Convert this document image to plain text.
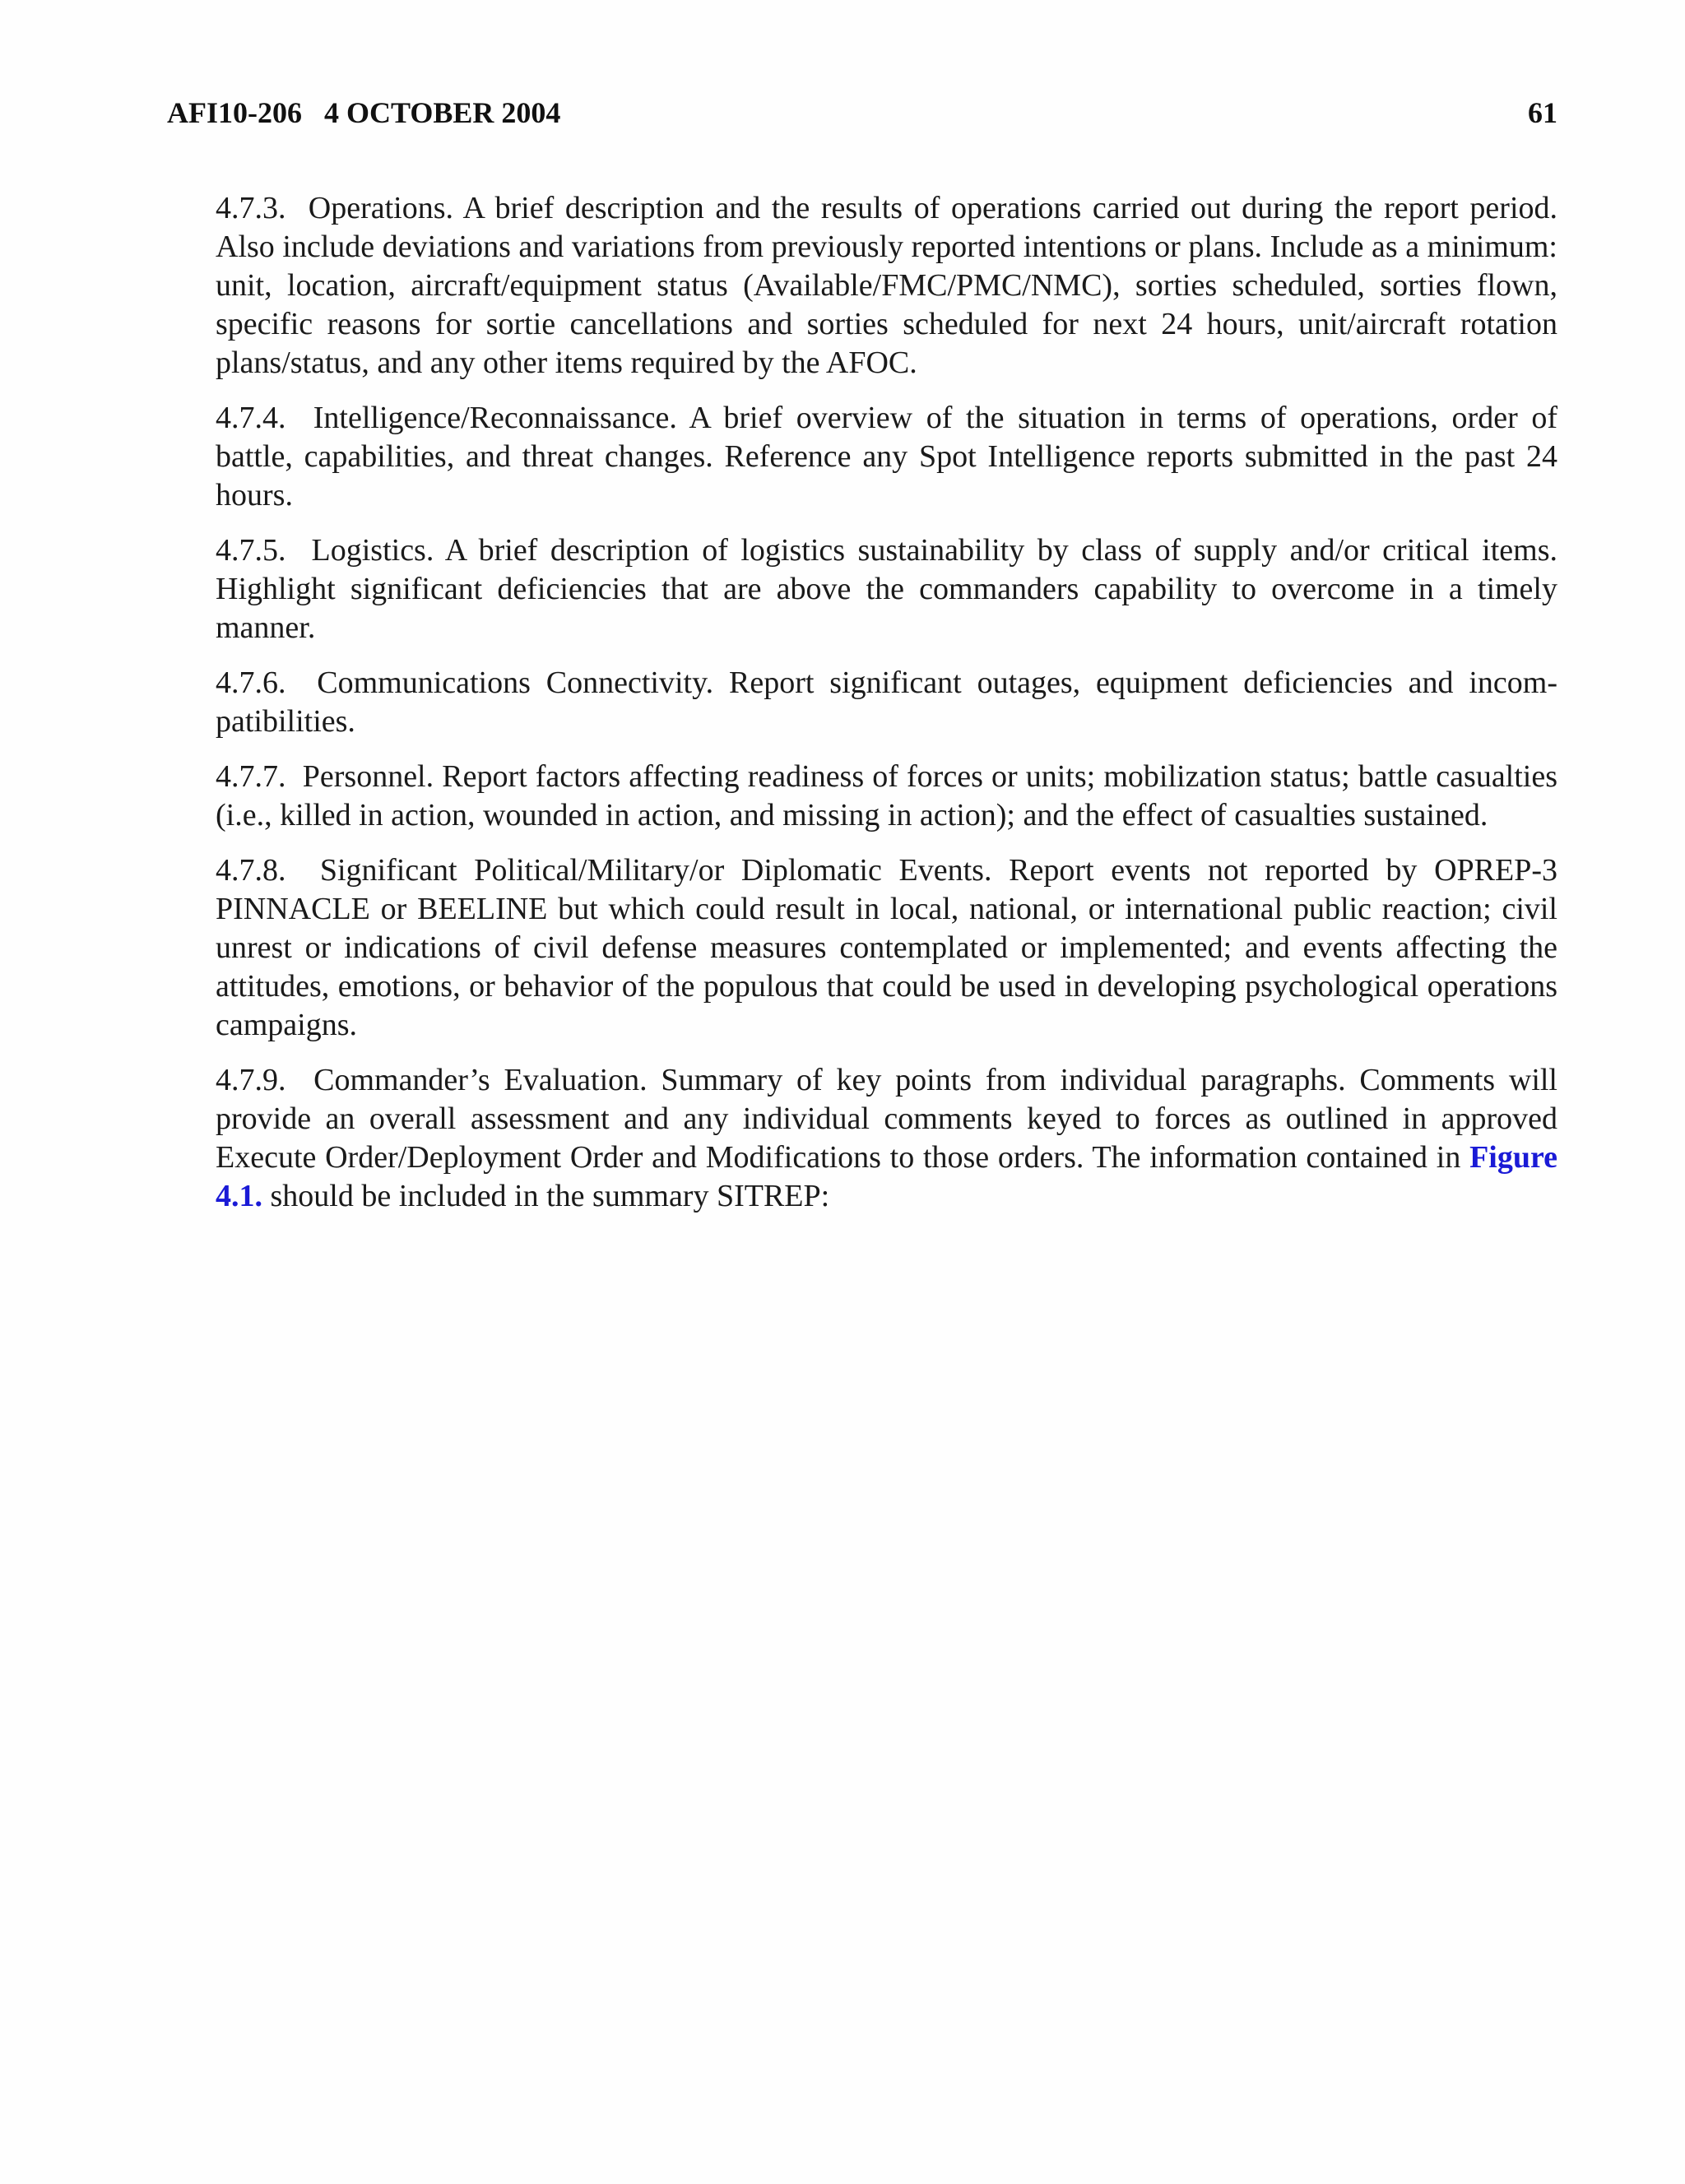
AFI10-206   4 OCTOBER 2004	61

4.7.3. Operations. A brief description and the results of operations carried out during the report period. Also include deviations and variations from previously reported intentions or plans. Include as a minimum: unit, location, aircraft/equipment status (Available/FMC/PMC/NMC), sorties scheduled, sorties flown, specific reasons for sortie cancellations and sorties scheduled for next 24 hours, unit/​aircraft rotation plans/status, and any other items required by the AFOC.

4.7.4. Intelligence/Reconnaissance. A brief overview of the situation in terms of operations, order of battle, capabilities, and threat changes. Reference any Spot Intelligence reports submitted in the past 24 hours.

4.7.5. Logistics. A brief description of logistics sustainability by class of supply and/or critical items. Highlight significant deficiencies that are above the commanders capability to overcome in a timely manner.

4.7.6. Communications Connectivity. Report significant outages, equipment deficiencies and incompatibilities.

4.7.7. Personnel. Report factors affecting readiness of forces or units; mobilization status; battle casualties (i.e., killed in action, wounded in action, and missing in action); and the effect of casualties sustained.

4.7.8. Significant Political/Military/or Diplomatic Events. Report events not reported by OPREP-3 PINNACLE or BEELINE but which could result in local, national, or international public reaction; civil unrest or indications of civil defense measures contemplated or implemented; and events affecting the attitudes, emotions, or behavior of the populous that could be used in developing psychological operations campaigns.

4.7.9. Commander’s Evaluation. Summary of key points from individual paragraphs. Comments will provide an overall assessment and any individual comments keyed to forces as outlined in approved Execute Order/Deployment Order and Modifications to those orders. The information contained in Figure 4.1. should be included in the summary SITREP:
